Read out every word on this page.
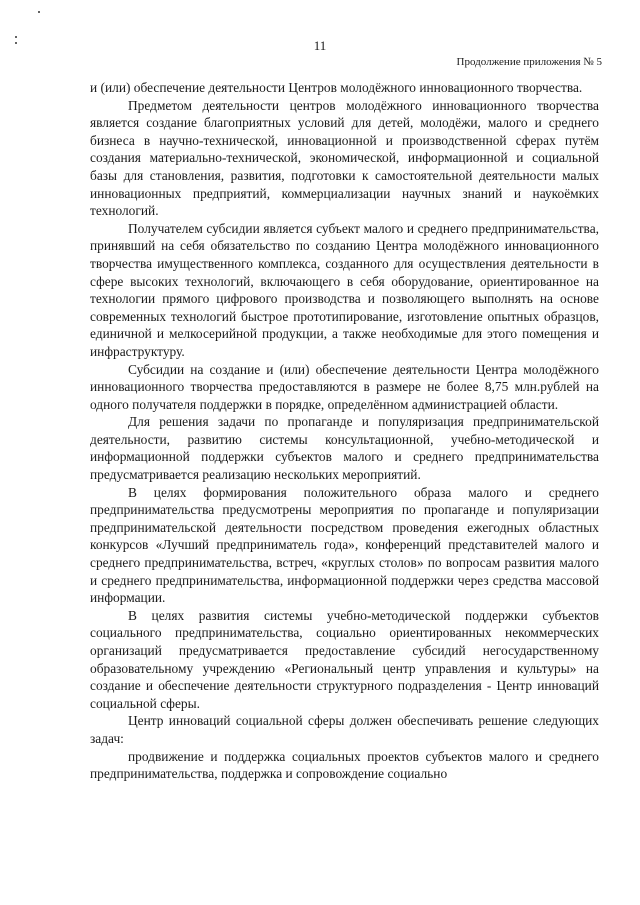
11
Продолжение приложения № 5

и (или) обеспечение деятельности Центров молодёжного инновационного творчества.

Предметом деятельности центров молодёжного инновационного творчества является создание благоприятных условий для детей, молодёжи, малого и среднего бизнеса в научно-технической, инновационной и производственной сферах путём создания материально-технической, экономической, информационной и социальной базы для становления, развития, подготовки к самостоятельной деятельности малых инновационных предприятий, коммерциализации научных знаний и наукоёмких технологий.

Получателем субсидии является субъект малого и среднего предпринимательства, принявший на себя обязательство по созданию Центра молодёжного инновационного творчества имущественного комплекса, созданного для осуществления деятельности в сфере высоких технологий, включающего в себя оборудование, ориентированное на технологии прямого цифрового производства и позволяющего выполнять на основе современных технологий быстрое прототипирование, изготовление опытных образцов, единичной и мелкосерийной продукции, а также необходимые для этого помещения и инфраструктуру.

Субсидии на создание и (или) обеспечение деятельности Центра молодёжного инновационного творчества предоставляются в размере не более 8,75 млн.рублей на одного получателя поддержки в порядке, определённом администрацией области.

Для решения задачи по пропаганде и популяризация предпринимательской деятельности, развитию системы консультационной, учебно-методической и информационной поддержки субъектов малого и среднего предпринимательства предусматривается реализацию нескольких мероприятий.

В целях формирования положительного образа малого и среднего предпринимательства предусмотрены мероприятия по пропаганде и популяризации предпринимательской деятельности посредством проведения ежегодных областных конкурсов «Лучший предприниматель года», конференций представителей малого и среднего предпринимательства, встреч, «круглых столов» по вопросам развития малого и среднего предпринимательства, информационной поддержки через средства массовой информации.

В целях развития системы учебно-методической поддержки субъектов социального предпринимательства, социально ориентированных некоммерческих организаций предусматривается предоставление субсидий негосударственному образовательному учреждению «Региональный центр управления и культуры» на создание и обеспечение деятельности структурного подразделения - Центр инноваций социальной сферы.

Центр инноваций социальной сферы должен обеспечивать решение следующих задач:

продвижение и поддержка социальных проектов субъектов малого и среднего предпринимательства, поддержка и сопровождение социально
